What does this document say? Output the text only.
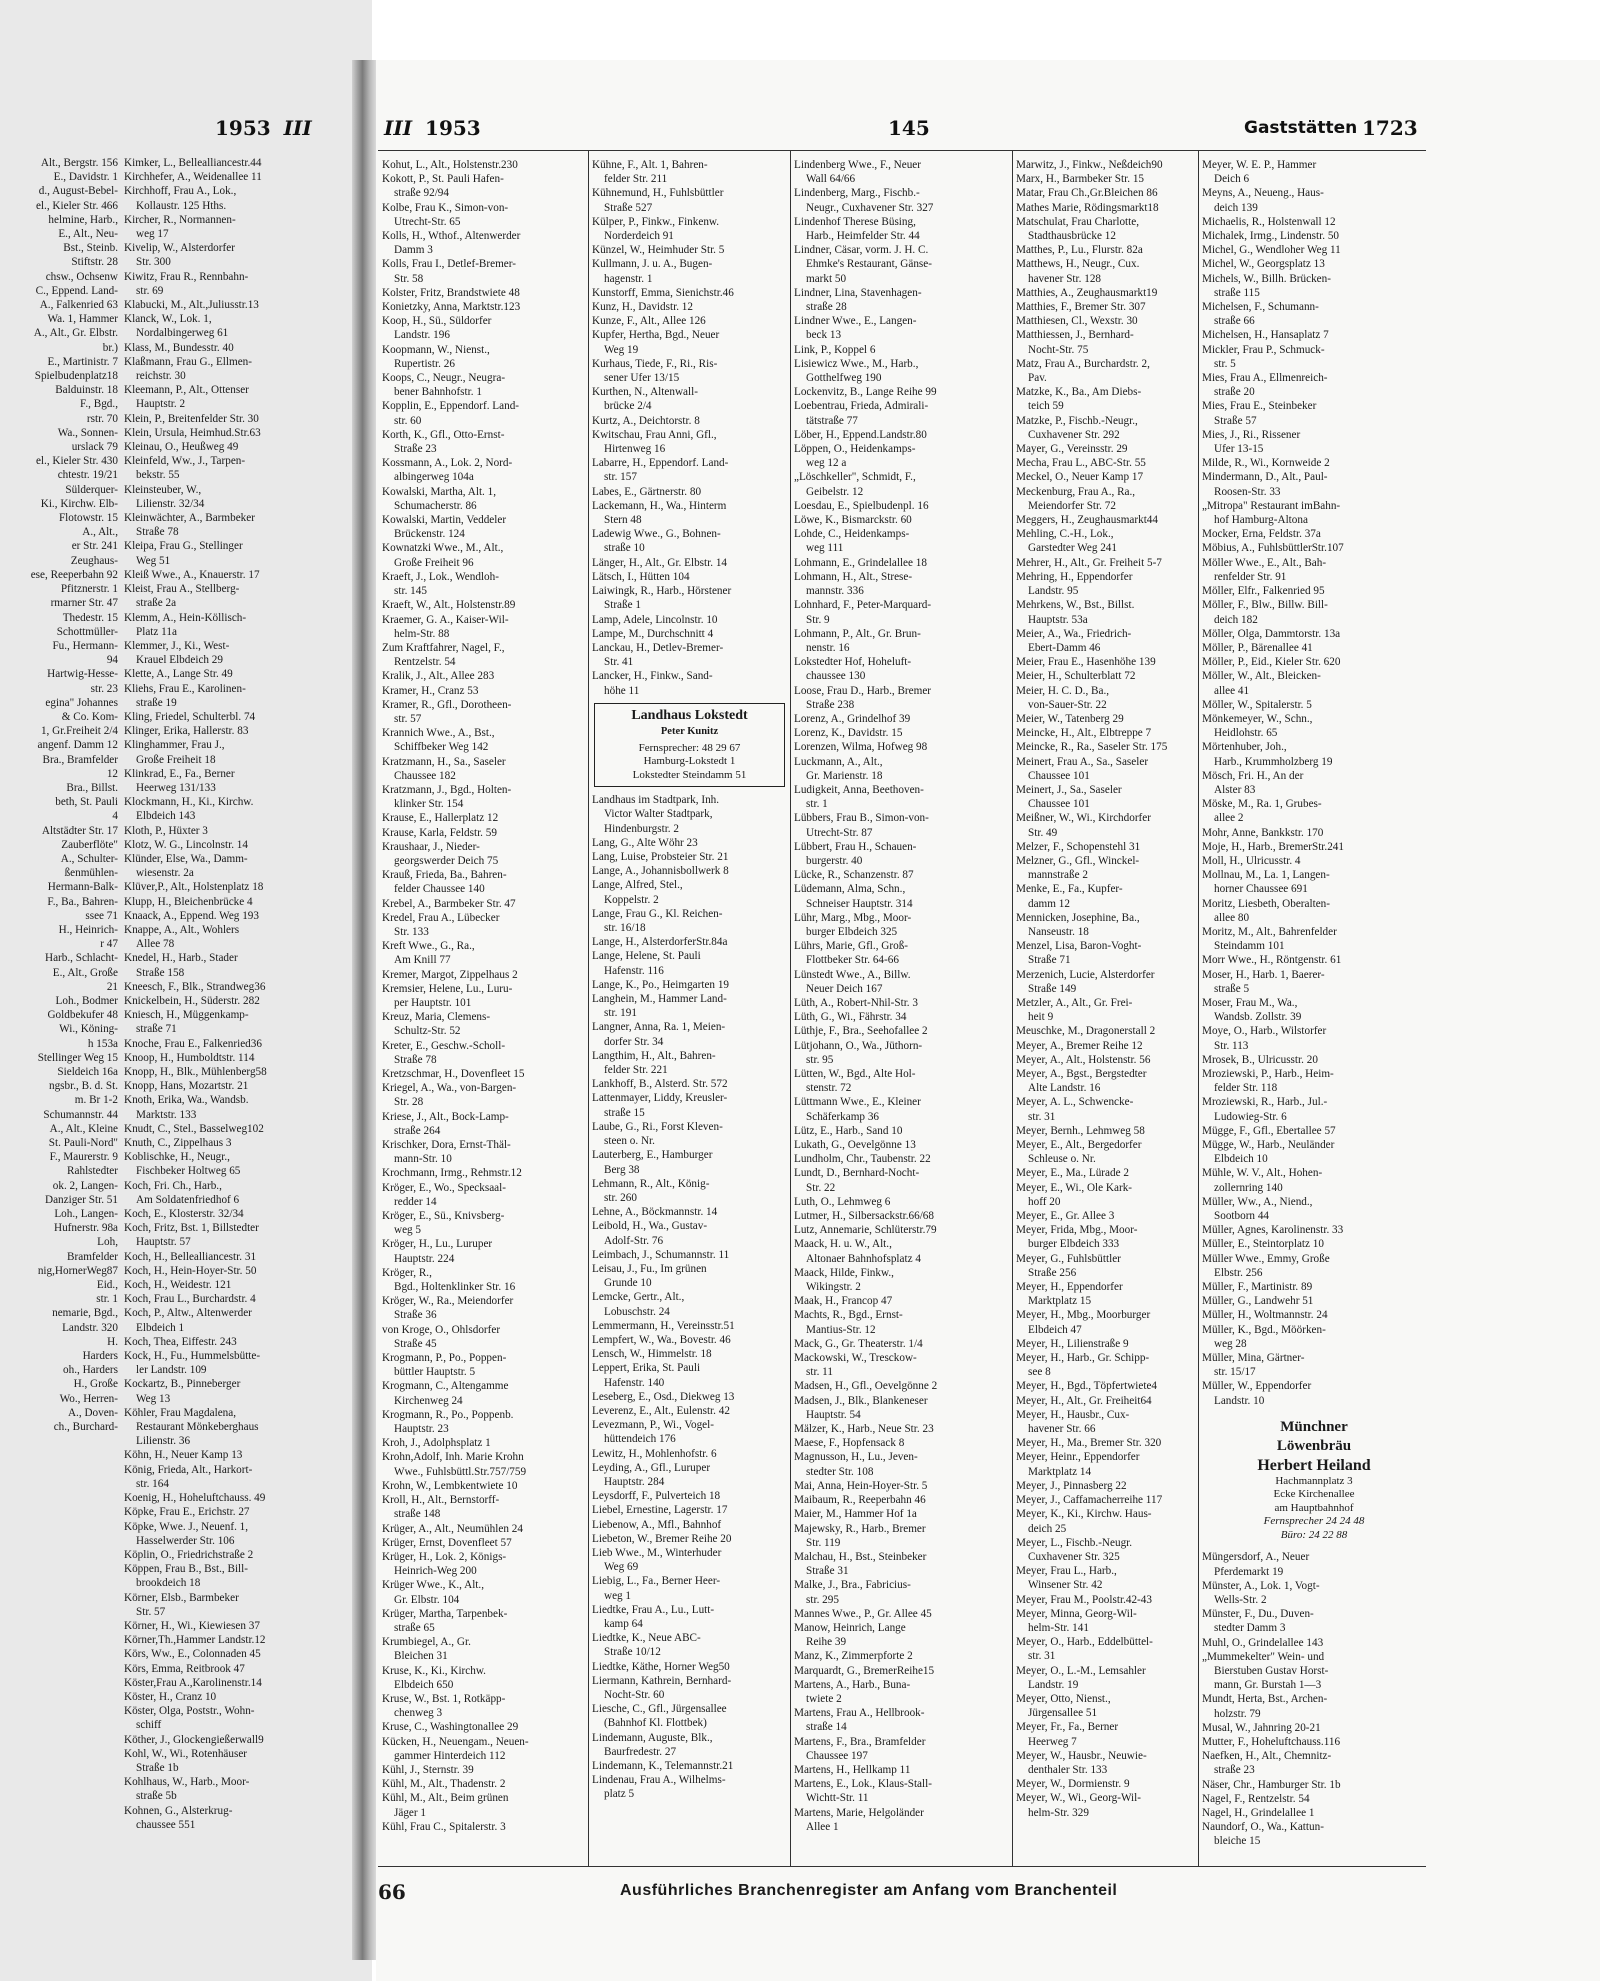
1953 III
Alt., Bergstr. 156
E., Davidstr. 1
d., August-Bebel-
el., Kieler Str. 466
helmine, Harb.,
E., Alt., Neu-
Bst., Steinb.
Stiftstr. 28
chsw., Ochsenw
C., Eppend. Land-
A., Falkenried 63
Wa. 1, Hammer
A., Alt., Gr. Elbstr.
br.)
E., Martinistr. 7
Spielbudenplatz18
Balduinstr. 18
F., Bgd.,
rstr. 70
Wa., Sonnen-
urslack 79
el., Kieler Str. 430
chtestr. 19/21
Sülderquer-
Ki., Kirchw. Elb-
Flotowstr. 15
A., Alt.,
er Str. 241
Zeughaus-
ese, Reeperbahn 92
Pfitznerstr. 1
rmarner Str. 47
Thedestr. 15
Schottmüller-
Fu., Hermann-
94
Hartwig-Hesse-
str. 23
egina" Johannes
& Co. Kom-
1, Gr.Freiheit 2/4
angenf. Damm 12
Bra., Bramfelder
12
Bra., Billst.
beth, St. Pauli
4
Altstädter Str. 17
Zauberflöte"
A., Schulter-
ßenmühlen-
Hermann-Balk-
F., Ba., Bahren-
ssee 71
H., Heinrich-
r 47
Harb., Schlacht-
E., Alt., Große
21
Loh., Bodmer
Goldbekufer 48
Wi., Köning-
h 153a
Stellinger Weg 15
Sieldeich 16a
ngsbr., B. d. St.
m. Br 1-2
Schumannstr. 44
A., Alt., Kleine
St. Pauli-Nord"
F., Maurerstr. 9
Rahlstedter
ok. 2, Langen-
Danziger Str. 51
Loh., Langen-
Hufnerstr. 98a
Loh,
Bramfelder
nig,HornerWeg87
Eid.,
str. 1
nemarie, Bgd.,
Landstr. 320
H.
Harders
oh., Harders
H., Große
Wo., Herren-
A., Doven-
ch., Burchard-
Kimker, L., Bellealliancestr.44
Kirchhefer, A., Weidenallee 11
Kirchhoff, Frau A., Lok.,
Kollaustr. 125 Hths.
Kircher, R., Normannen-
weg 17
Kivelip, W., Alsterdorfer
Str. 300
Kiwitz, Frau R., Rennbahn-
str. 69
Klabucki, M., Alt.,Juliusstr.13
Klanck, W., Lok. 1,
Nordalbingerweg 61
Klass, M., Bundesstr. 40
Klaßmann, Frau G., Ellmen-
reichstr. 30
Kleemann, P., Alt., Ottenser
Hauptstr. 2
Klein, P., Breitenfelder Str. 30
Klein, Ursula, Heimhud.Str.63
Kleinau, O., Heußweg 49
Kleinfeld, Ww., J., Tarpen-
bekstr. 55
Kleinsteuber, W.,
Lilienstr. 32/34
Kleinwächter, A., Barmbeker
Straße 78
Kleipa, Frau G., Stellinger
Weg 51
Kleiß Wwe., A., Knauerstr. 17
Kleist, Frau A., Stellberg-
straße 2a
Klemm, A., Hein-Köllisch-
Platz 11a
Klemmer, J., Ki., West-
Krauel Elbdeich 29
Klette, A., Lange Str. 49
Kliehs, Frau E., Karolinen-
straße 19
Kling, Friedel, Schulterbl. 74
Klinger, Erika, Hallerstr. 83
Klinghammer, Frau J.,
Große Freiheit 18
Klinkrad, E., Fa., Berner
Heerweg 131/133
Klockmann, H., Ki., Kirchw.
Elbdeich 143
Kloth, P., Hüxter 3
Klotz, W. G., Lincolnstr. 14
Klünder, Else, Wa., Damm-
wiesenstr. 2a
Klüver,P., Alt., Holstenplatz 18
Klupp, H., Bleichenbrücke 4
Knaack, A., Eppend. Weg 193
Knappe, A., Alt., Wohlers
Allee 78
Knedel, H., Harb., Stader
Straße 158
Kneesch, F., Blk., Strandweg36
Knickelbein, H., Süderstr. 282
Kniesch, H., Müggenkamp-
straße 71
Knoche, Frau E., Falkenried36
Knoop, H., Humboldtstr. 114
Knopp, H., Blk., Mühlenberg58
Knopp, Hans, Mozartstr. 21
Knoth, Erika, Wa., Wandsb.
Marktstr. 133
Knudt, C., Stel., Basselweg102
Knuth, C., Zippelhaus 3
Koblischke, H., Neugr.,
Fischbeker Holtweg 65
Koch, Fri. Ch., Harb.,
Am Soldatenfriedhof 6
Koch, E., Klosterstr. 32/34
Koch, Fritz, Bst. 1, Billstedter
Hauptstr. 57
Koch, H., Bellealliancestr. 31
Koch, H., Hein-Hoyer-Str. 50
Koch, H., Weidestr. 121
Koch, Frau L., Burchardstr. 4
Koch, P., Altw., Altenwerder
Elbdeich 1
Koch, Thea, Eiffestr. 243
Kock, H., Fu., Hummelsbütte-
ler Landstr. 109
Kockartz, B., Pinneberger
Weg 13
Köhler, Frau Magdalena,
Restaurant Mönkeberghaus
Lilienstr. 36
Köhn, H., Neuer Kamp 13
König, Frieda, Alt., Harkort-
str. 164
Koenig, H., Hoheluftchauss. 49
Köpke, Frau E., Erichstr. 27
Köpke, Wwe. J., Neuenf. 1,
Hasselwerder Str. 106
Köplin, O., Friedrichstraße 2
Köppen, Frau B., Bst., Bill-
brookdeich 18
Körner, Elsb., Barmbeker
Str. 57
Körner, H., Wi., Kiewiesen 37
Körner,Th.,Hammer Landstr.12
Körs, Ww., E., Colonnaden 45
Körs, Emma, Reitbrook 47
Köster,Frau A.,Karolinenstr.14
Köster, H., Cranz 10
Köster, Olga, Poststr., Wohn-
schiff
Köther, J., Glockengießerwall9
Kohl, W., Wi., Rotenhäuser
Straße 1b
Kohlhaus, W., Harb., Moor-
straße 5b
Kohnen, G., Alsterkrug-
chaussee 551
III 1953	145	Gaststätten 1723
Kohut, L., Alt., Holstenstr.230
Kokott, P., St. Pauli Hafen-
straße 92/94
Kolbe, Frau K., Simon-von-
Utrecht-Str. 65
Kolls, H., Wthof., Altenwerder
Damm 3
Kolls, Frau I., Detlef-Bremer-
Str. 58
Kolster, Fritz, Brandstwiete 48
Konietzky, Anna, Marktstr.123
Koop, H., Sü., Süldorfer
Landstr. 196
Koopmann, W., Nienst.,
Rupertistr. 26
Koops, C., Neugr., Neugra-
bener Bahnhofstr. 1
Kopplin, E., Eppendorf. Land-
str. 60
Korth, K., Gfl., Otto-Ernst-
Straße 23
Kossmann, A., Lok. 2, Nord-
albingerweg 104a
Kowalski, Martha, Alt. 1,
Schumacherstr. 86
Kowalski, Martin, Veddeler
Brückenstr. 124
Kownatzki Wwe., M., Alt.,
Große Freiheit 96
Kraeft, J., Lok., Wendloh-
str. 145
Kraeft, W., Alt., Holstenstr.89
Kraemer, G. A., Kaiser-Wil-
helm-Str. 88
Zum Kraftfahrer, Nagel, F.,
Rentzelstr. 54
Kralik, J., Alt., Allee 283
Kramer, H., Cranz 53
Kramer, R., Gfl., Dorotheen-
str. 57
Krannich Wwe., A., Bst.,
Schiffbeker Weg 142
Kratzmann, H., Sa., Saseler
Chaussee 182
Kratzmann, J., Bgd., Holten-
klinker Str. 154
Krause, E., Hallerplatz 12
Krause, Karla, Feldstr. 59
Kraushaar, J., Nieder-
georgswerder Deich 75
Krauß, Frieda, Ba., Bahren-
felder Chaussee 140
Krebel, A., Barmbeker Str. 47
Kredel, Frau A., Lübecker
Str. 133
Kreft Wwe., G., Ra.,
Am Knill 77
Kremer, Margot, Zippelhaus 2
Kremsier, Helene, Lu., Luru-
per Hauptstr. 101
Kreuz, Maria, Clemens-
Schultz-Str. 52
Kreter, E., Geschw.-Scholl-
Straße 78
Kretzschmar, H., Dovenfleet 15
Kriegel, A., Wa., von-Bargen-
Str. 28
Kriese, J., Alt., Bock-Lamp-
straße 264
Krischker, Dora, Ernst-Thäl-
mann-Str. 10
Krochmann, Irmg., Rehmstr.12
Kröger, E., Wo., Specksaal-
redder 14
Kröger, E., Sü., Knivsberg-
weg 5
Kröger, H., Lu., Luruper
Hauptstr. 224
Kröger, R.,
Bgd., Holtenklinker Str. 16
Kröger, W., Ra., Meiendorfer
Straße 36
von Kroge, O., Ohlsdorfer
Straße 45
Krogmann, P., Po., Poppen-
büttler Hauptstr. 5
Krogmann, C., Altengamme
Kirchenweg 24
Krogmann, R., Po., Poppenb.
Hauptstr. 23
Kroh, J., Adolphsplatz 1
Krohn,Adolf, Inh. Marie Krohn
Wwe., Fuhlsbüttl.Str.757/759
Krohn, W., Lembkentwiete 10
Kroll, H., Alt., Bernstorff-
straße 148
Krüger, A., Alt., Neumühlen 24
Krüger, Ernst, Dovenfleet 57
Krüger, H., Lok. 2, Königs-
Heinrich-Weg 200
Krüger Wwe., K., Alt.,
Gr. Elbstr. 104
Krüger, Martha, Tarpenbek-
straße 65
Krumbiegel, A., Gr.
Bleichen 31
Kruse, K., Ki., Kirchw.
Elbdeich 650
Kruse, W., Bst. 1, Rotkäpp-
chenweg 3
Kruse, C., Washingtonallee 29
Kücken, H., Neuengam., Neuen-
gammer Hinterdeich 112
Kühl, J., Sternstr. 39
Kühl, M., Alt., Thadenstr. 2
Kühl, M., Alt., Beim grünen
Jäger 1
Kühl, Frau C., Spitalerstr. 3
Kühne, F., Alt. 1, Bahren-
felder Str. 211
Kühnemund, H., Fuhlsbüttler
Straße 527
Külper, P., Finkw., Finkenw.
Norderdeich 91
Künzel, W., Heimhuder Str. 5
Kullmann, J. u. A., Bugen-
hagenstr. 1
Kunstorff, Emma, Sienichstr.46
Kunz, H., Davidstr. 12
Kunze, F., Alt., Allee 126
Kupfer, Hertha, Bgd., Neuer
Weg 19
Kurhaus, Tiede, F., Ri., Ris-
sener Ufer 13/15
Kurthen, N., Altenwall-
brücke 2/4
Kurtz, A., Deichtorstr. 8
Kwitschau, Frau Anni, Gfl.,
Hirtenweg 16
Labarre, H., Eppendorf. Land-
str. 157
Labes, E., Gärtnerstr. 80
Lackemann, H., Wa., Hinterm
Stern 48
Ladewig Wwe., G., Bohnen-
straße 10
Länger, H., Alt., Gr. Elbstr. 14
Lätsch, I., Hütten 104
Laiwingk, R., Harb., Hörstener
Straße 1
Lamp, Adele, Lincolnstr. 10
Lampe, M., Durchschnitt 4
Lanckau, H., Detlev-Bremer-
Str. 41
Lancker, H., Finkw., Sand-
höhe 11
Landhaus Lokstedt
Peter Kunitz
Fernsprecher: 48 29 67
Hamburg-Lokstedt 1
Lokstedter Steindamm 51
Landhaus im Stadtpark, Inh.
Victor Walter Stadtpark,
Hindenburgstr. 2
Lang, G., Alte Wöhr 23
Lang, Luise, Probsteier Str. 21
Lange, A., Johannisbollwerk 8
Lange, Alfred, Stel.,
Koppelstr. 2
Lange, Frau G., Kl. Reichen-
str. 16/18
Lange, H., AlsterdorferStr.84a
Lange, Helene, St. Pauli
Hafenstr. 116
Lange, K., Po., Heimgarten 19
Langhein, M., Hammer Land-
str. 191
Langner, Anna, Ra. 1, Meien-
dorfer Str. 34
Langthim, H., Alt., Bahren-
felder Str. 221
Lankhoff, B., Alsterd. Str. 572
Lattenmayer, Liddy, Kreusler-
straße 15
Laube, G., Ri., Forst Kleven-
steen o. Nr.
Lauterberg, E., Hamburger
Berg 38
Lehmann, R., Alt., König-
str. 260
Lehne, A., Böckmannstr. 14
Leibold, H., Wa., Gustav-
Adolf-Str. 76
Leimbach, J., Schumannstr. 11
Leisau, J., Fu., Im grünen
Grunde 10
Lemcke, Gertr., Alt.,
Lobuschstr. 24
Lemmermann, H., Vereinsstr.51
Lempfert, W., Wa., Bovestr. 46
Lensch, W., Himmelstr. 18
Leppert, Erika, St. Pauli
Hafenstr. 140
Leseberg, E., Osd., Diekweg 13
Leverenz, E., Alt., Eulenstr. 42
Levezmann, P., Wi., Vogel-
hüttendeich 176
Lewitz, H., Mohlenhofstr. 6
Leyding, A., Gfl., Luruper
Hauptstr. 284
Leysdorff, F., Pulverteich 18
Liebel, Ernestine, Lagerstr. 17
Liebenow, A., Mfl., Bahnhof
Liebeton, W., Bremer Reihe 20
Lieb Wwe., M., Winterhuder
Weg 69
Liebig, L., Fa., Berner Heer-
weg 1
Liedtke, Frau A., Lu., Lutt-
kamp 64
Liedtke, K., Neue ABC-
Straße 10/12
Liedtke, Käthe, Horner Weg50
Liermann, Kathrein, Bernhard-
Nocht-Str. 60
Liesche, C., Gfl., Jürgensallee
(Bahnhof Kl. Flottbek)
Lindemann, Auguste, Blk.,
Baurfredestr. 27
Lindemann, K., Telemannstr.21
Lindenau, Frau A., Wilhelms-
platz 5
Lindenberg Wwe., F., Neuer
Wall 64/66
Lindenberg, Marg., Fischb.-
Neugr., Cuxhavener Str. 327
Lindenhof Therese Büsing,
Harb., Heimfelder Str. 44
Lindner, Cäsar, vorm. J. H. C.
Ehmke's Restaurant, Gänse-
markt 50
Lindner, Lina, Stavenhagen-
straße 28
Lindner Wwe., E., Langen-
beck 13
Link, P., Koppel 6
Lisiewicz Wwe., M., Harb.,
Gotthelfweg 190
Lockenvitz, B., Lange Reihe 99
Loebentrau, Frieda, Admirali-
tätstraße 77
Löber, H., Eppend.Landstr.80
Löppen, O., Heidenkamps-
weg 12 a
„Löschkeller", Schmidt, F.,
Geibelstr. 12
Loesdau, E., Spielbudenpl. 16
Löwe, K., Bismarckstr. 60
Lohde, C., Heidenkamps-
weg 111
Lohmann, E., Grindelallee 18
Lohmann, H., Alt., Strese-
mannstr. 336
Lohnhard, F., Peter-Marquard-
Str. 9
Lohmann, P., Alt., Gr. Brun-
nenstr. 16
Lokstedter Hof, Hoheluft-
chaussee 130
Loose, Frau D., Harb., Bremer
Straße 238
Lorenz, A., Grindelhof 39
Lorenz, K., Davidstr. 15
Lorenzen, Wilma, Hofweg 98
Luckmann, A., Alt.,
Gr. Marienstr. 18
Ludigkeit, Anna, Beethoven-
str. 1
Lübbers, Frau B., Simon-von-
Utrecht-Str. 87
Lübbert, Frau H., Schauen-
burgerstr. 40
Lücke, R., Schanzenstr. 87
Lüdemann, Alma, Schn.,
Schneiser Hauptstr. 314
Lühr, Marg., Mbg., Moor-
burger Elbdeich 325
Lührs, Marie, Gfl., Groß-
Flottbeker Str. 64-66
Lünstedt Wwe., A., Billw.
Neuer Deich 167
Lüth, A., Robert-Nhil-Str. 3
Lüth, G., Wi., Fährstr. 34
Lüthje, F., Bra., Seehofallee 2
Lütjohann, O., Wa., Jüthorn-
str. 95
Lütten, W., Bgd., Alte Hol-
stenstr. 72
Lüttmann Wwe., E., Kleiner
Schäferkamp 36
Lütz, E., Harb., Sand 10
Lukath, G., Oevelgönne 13
Lundholm, Chr., Taubenstr. 22
Lundt, D., Bernhard-Nocht-
Str. 22
Luth, O., Lehmweg 6
Lutmer, H., Silbersackstr.66/68
Lutz, Annemarie, Schlüterstr.79
Maack, H. u. W., Alt.,
Altonaer Bahnhofsplatz 4
Maack, Hilde, Finkw.,
Wikingstr. 2
Maak, H., Francop 47
Machts, R., Bgd., Ernst-
Mantius-Str. 12
Mack, G., Gr. Theaterstr. 1/4
Mackowski, W., Tresckow-
str. 11
Madsen, H., Gfl., Oevelgönne 2
Madsen, J., Blk., Blankeneser
Hauptstr. 54
Mälzer, K., Harb., Neue Str. 23
Maese, F., Hopfensack 8
Magnusson, H., Lu., Jeven-
stedter Str. 108
Mai, Anna, Hein-Hoyer-Str. 5
Maibaum, R., Reeperbahn 46
Maier, M., Hammer Hof 1a
Majewsky, R., Harb., Bremer
Str. 119
Malchau, H., Bst., Steinbeker
Straße 31
Malke, J., Bra., Fabricius-
str. 295
Mannes Wwe., P., Gr. Allee 45
Manow, Heinrich, Lange
Reihe 39
Manz, K., Zimmerpforte 2
Marquardt, G., BremerReihe15
Martens, A., Harb., Buna-
twiete 2
Martens, Frau A., Hellbrook-
straße 14
Martens, F., Bra., Bramfelder
Chaussee 197
Martens, H., Hellkamp 11
Martens, E., Lok., Klaus-Stall-
Wichtt-Str. 11
Martens, Marie, Helgoländer
Allee 1
Marwitz, J., Finkw., Neßdeich90
Marx, H., Barmbeker Str. 15
Matar, Frau Ch.,Gr.Bleichen 86
Mathes Marie, Rödingsmarkt18
Matschulat, Frau Charlotte,
Stadthausbrücke 12
Matthes, P., Lu., Flurstr. 82a
Matthews, H., Neugr., Cux.
havener Str. 128
Matthies, A., Zeughausmarkt19
Matthies, F., Bremer Str. 307
Matthiesen, Cl., Wexstr. 30
Matthiessen, J., Bernhard-
Nocht-Str. 75
Matz, Frau A., Burchardstr. 2,
Pav.
Matzke, K., Ba., Am Diebs-
teich 59
Matzke, P., Fischb.-Neugr.,
Cuxhavener Str. 292
Mayer, G., Vereinsstr. 29
Mecha, Frau L., ABC-Str. 55
Meckel, O., Neuer Kamp 17
Meckenburg, Frau A., Ra.,
Meiendorfer Str. 72
Meggers, H., Zeughausmarkt44
Mehling, C.-H., Lok.,
Garstedter Weg 241
Mehrer, H., Alt., Gr. Freiheit 5-7
Mehring, H., Eppendorfer
Landstr. 95
Mehrkens, W., Bst., Billst.
Hauptstr. 53a
Meier, A., Wa., Friedrich-
Ebert-Damm 46
Meier, Frau E., Hasenhöhe 139
Meier, H., Schulterblatt 72
Meier, H. C. D., Ba.,
von-Sauer-Str. 22
Meier, W., Tatenberg 29
Meincke, H., Alt., Elbtreppe 7
Meincke, R., Ra., Saseler Str. 175
Meinert, Frau A., Sa., Saseler
Chaussee 101
Meinert, J., Sa., Saseler
Chaussee 101
Meißner, W., Wi., Kirchdorfer
Str. 49
Melzer, F., Schopenstehl 31
Melzner, G., Gfl., Winckel-
mannstraße 2
Menke, E., Fa., Kupfer-
damm 12
Mennicken, Josephine, Ba.,
Nanseustr. 18
Menzel, Lisa, Baron-Voght-
Straße 71
Merzenich, Lucie, Alsterdorfer
Straße 149
Metzler, A., Alt., Gr. Frei-
heit 9
Meuschke, M., Dragonerstall 2
Meyer, A., Bremer Reihe 12
Meyer, A., Alt., Holstenstr. 56
Meyer, A., Bgst., Bergstedter
Alte Landstr. 16
Meyer, A. L., Schwencke-
str. 31
Meyer, Bernh., Lehmweg 58
Meyer, E., Alt., Bergedorfer
Schleuse o. Nr.
Meyer, E., Ma., Lürade 2
Meyer, E., Wi., Ole Kark-
hoff 20
Meyer, E., Gr. Allee 3
Meyer, Frida, Mbg., Moor-
burger Elbdeich 333
Meyer, G., Fuhlsbüttler
Straße 256
Meyer, H., Eppendorfer
Marktplatz 15
Meyer, H., Mbg., Moorburger
Elbdeich 47
Meyer, H., Lilienstraße 9
Meyer, H., Harb., Gr. Schipp-
see 8
Meyer, H., Bgd., Töpfertwiete4
Meyer, H., Alt., Gr. Freiheit64
Meyer, H., Hausbr., Cux-
havener Str. 66
Meyer, H., Ma., Bremer Str. 320
Meyer, Heinr., Eppendorfer
Marktplatz 14
Meyer, J., Pinnasberg 22
Meyer, J., Caffamacherreihe 117
Meyer, K., Ki., Kirchw. Haus-
deich 25
Meyer, L., Fischb.-Neugr.
Cuxhavener Str. 325
Meyer, Frau L., Harb.,
Winsener Str. 42
Meyer, Frau M., Poolstr.42-43
Meyer, Minna, Georg-Wil-
helm-Str. 141
Meyer, O., Harb., Eddelbüttel-
str. 31
Meyer, O., L.-M., Lemsahler
Landstr. 19
Meyer, Otto, Nienst.,
Jürgensallee 51
Meyer, Fr., Fa., Berner
Heerweg 7
Meyer, W., Hausbr., Neuwie-
denthaler Str. 133
Meyer, W., Dormienstr. 9
Meyer, W., Wi., Georg-Wil-
helm-Str. 329
Meyer, W. E. P., Hammer
Deich 6
Meyns, A., Neueng., Haus-
deich 139
Michaelis, R., Holstenwall 12
Michalek, Irmg., Lindenstr. 50
Michel, G., Wendloher Weg 11
Michel, W., Georgsplatz 13
Michels, W., Billh. Brücken-
straße 115
Michelsen, F., Schumann-
straße 66
Michelsen, H., Hansaplatz 7
Mickler, Frau P., Schmuck-
str. 5
Mies, Frau A., Ellmenreich-
straße 20
Mies, Frau E., Steinbeker
Straße 57
Mies, J., Ri., Rissener
Ufer 13-15
Milde, R., Wi., Kornweide 2
Mindermann, D., Alt., Paul-
Roosen-Str. 33
„Mitropa" Restaurant imBahn-
hof Hamburg-Altona
Mocker, Erna, Feldstr. 37a
Möbius, A., FuhlsbüttlerStr.107
Möller Wwe., E., Alt., Bah-
renfelder Str. 91
Möller, Elfr., Falkenried 95
Möller, F., Blw., Billw. Bill-
deich 182
Möller, Olga, Dammtorstr. 13a
Möller, P., Bärenallee 41
Möller, P., Eid., Kieler Str. 620
Möller, W., Alt., Bleicken-
allee 41
Möller, W., Spitalerstr. 5
Mönkemeyer, W., Schn.,
Heidlohstr. 65
Mörtenhuber, Joh.,
Harb., Krummholzberg 19
Mösch, Fri. H., An der
Alster 83
Möske, M., Ra. 1, Grubes-
allee 2
Mohr, Anne, Bankkstr. 170
Moje, H., Harb., BremerStr.241
Moll, H., Ulricusstr. 4
Mollnau, M., La. 1, Langen-
horner Chaussee 691
Moritz, Liesbeth, Oberalten-
allee 80
Moritz, M., Alt., Bahrenfelder
Steindamm 101
Morr Wwe., H., Röntgenstr. 61
Moser, H., Harb. 1, Baerer-
straße 5
Moser, Frau M., Wa.,
Wandsb. Zollstr. 39
Moye, O., Harb., Wilstorfer
Str. 113
Mrosek, B., Ulricusstr. 20
Mroziewski, P., Harb., Heim-
felder Str. 118
Mroziewski, R., Harb., Jul.-
Ludowieg-Str. 6
Mügge, F., Gfl., Ebertallee 57
Mügge, W., Harb., Neuländer
Elbdeich 10
Mühle, W. V., Alt., Hohen-
zollernring 140
Müller, Ww., A., Niend.,
Sootborn 44
Müller, Agnes, Karolinenstr. 33
Müller, E., Steintorplatz 10
Müller Wwe., Emmy, Große
Elbstr. 256
Müller, F., Martinistr. 89
Müller, G., Landwehr 51
Müller, H., Woltmannstr. 24
Müller, K., Bgd., Möörken-
weg 28
Müller, Mina, Gärtner-
str. 15/17
Müller, W., Eppendorfer
Landstr. 10
Münchner
Löwenbräu
Herbert Heiland
Hachmannplatz 3
Ecke Kirchenallee
am Hauptbahnhof
Fernsprecher 24 24 48
Büro: 24 22 88
Müngersdorf, A., Neuer
Pferdemarkt 19
Münster, A., Lok. 1, Vogt-
Wells-Str. 2
Münster, F., Du., Duven-
stedter Damm 3
Muhl, O., Grindelallee 143
„Mummekelter" Wein- und
Bierstuben Gustav Horst-
mann, Gr. Burstah 1—3
Mundt, Herta, Bst., Archen-
holzstr. 79
Musal, W., Jahnring 20-21
Mutter, F., Hoheluftchauss.116
Naefken, H., Alt., Chemnitz-
straße 23
Näser, Chr., Hamburger Str. 1b
Nagel, F., Rentzelstr. 54
Nagel, H., Grindelallee 1
Naundorf, O., Wa., Kattun-
bleiche 15
66	Ausführliches Branchenregister am Anfang vom Branchenteil
